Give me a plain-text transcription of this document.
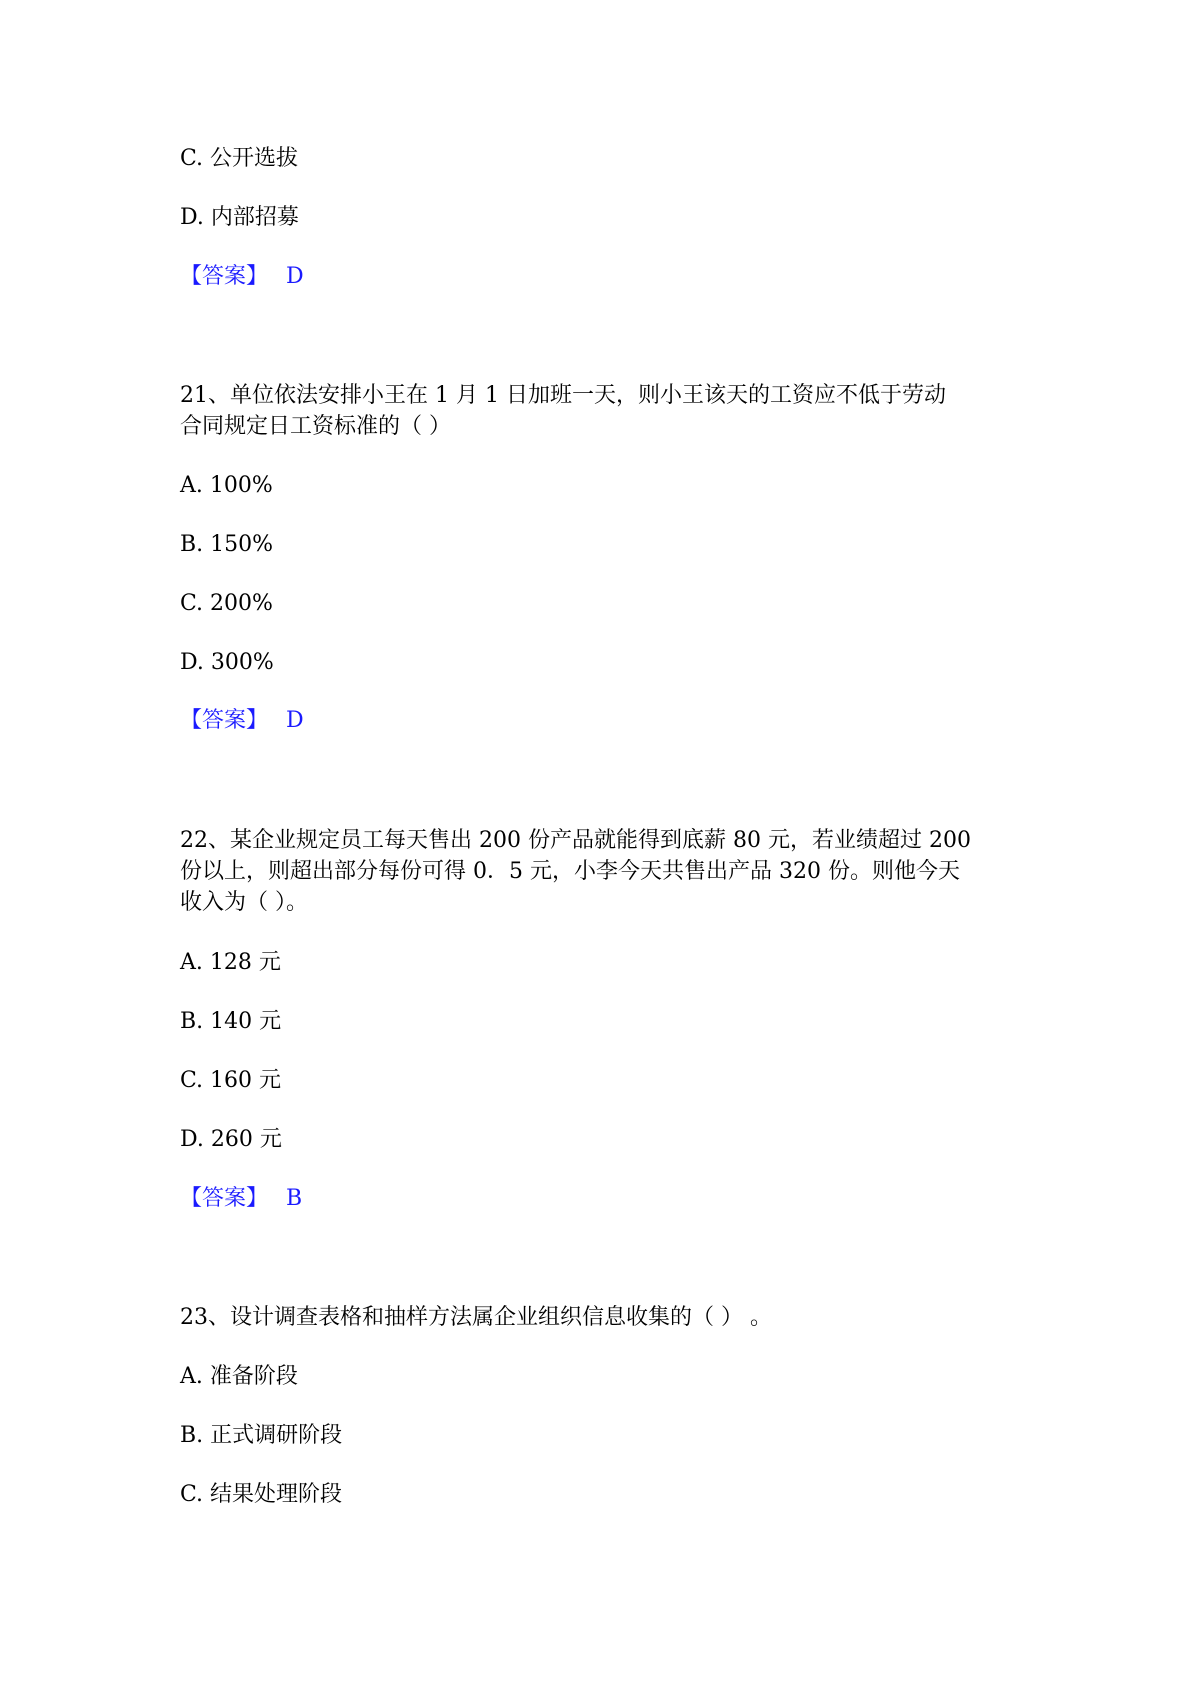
C. 公开选拔
D. 内部招募
【答案】 D
21、单位依法安排小王在 1 月 1 日加班一天，则小王该天的工资应不低于劳动
合同规定日工资标准的（ ）
A. 100%
B. 150%
C. 200%
D. 300%
【答案】 D
22、某企业规定员工每天售出 200 份产品就能得到底薪 80 元，若业绩超过 200
份以上，则超出部分每份可得 0．5 元，小李今天共售出产品 320 份。则他今天
收入为（ ）。
A. 128 元
B. 140 元
C. 160 元
D. 260 元
【答案】 B
23、设计调查表格和抽样方法属企业组织信息收集的（ ） 。
A. 准备阶段
B. 正式调研阶段
C. 结果处理阶段
